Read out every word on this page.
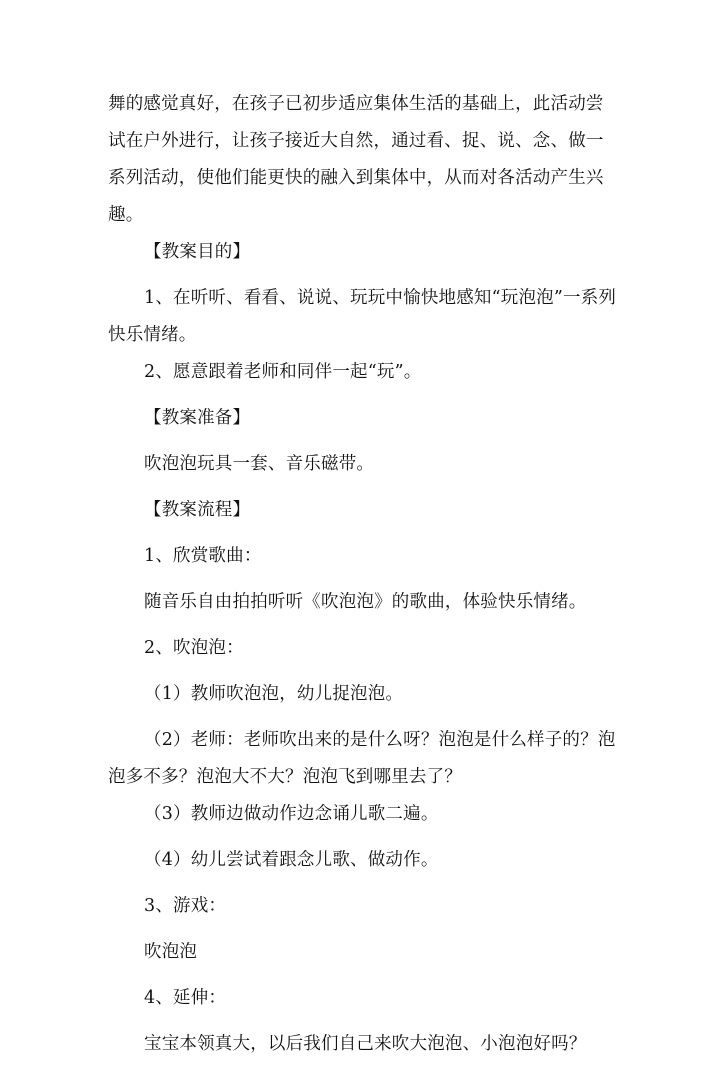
舞的感觉真好，在孩子已初步适应集体生活的基础上，此活动尝试在户外进行，让孩子接近大自然，通过看、捉、说、念、做一系列活动，使他们能更快的融入到集体中，从而对各活动产生兴趣。

【教案目的】

1、在听听、看看、说说、玩玩中愉快地感知“玩泡泡”一系列快乐情绪。

2、愿意跟着老师和同伴一起“玩”。

【教案准备】

吹泡泡玩具一套、音乐磁带。

【教案流程】

1、欣赏歌曲：

随音乐自由拍拍听听《吹泡泡》的歌曲，体验快乐情绪。

2、吹泡泡：

（1）教师吹泡泡，幼儿捉泡泡。

（2）老师：老师吹出来的是什么呀？泡泡是什么样子的？泡泡多不多？泡泡大不大？泡泡飞到哪里去了？

（3）教师边做动作边念诵儿歌二遍。

（4）幼儿尝试着跟念儿歌、做动作。

3、游戏：

吹泡泡

4、延伸：

宝宝本领真大，以后我们自己来吹大泡泡、小泡泡好吗？
